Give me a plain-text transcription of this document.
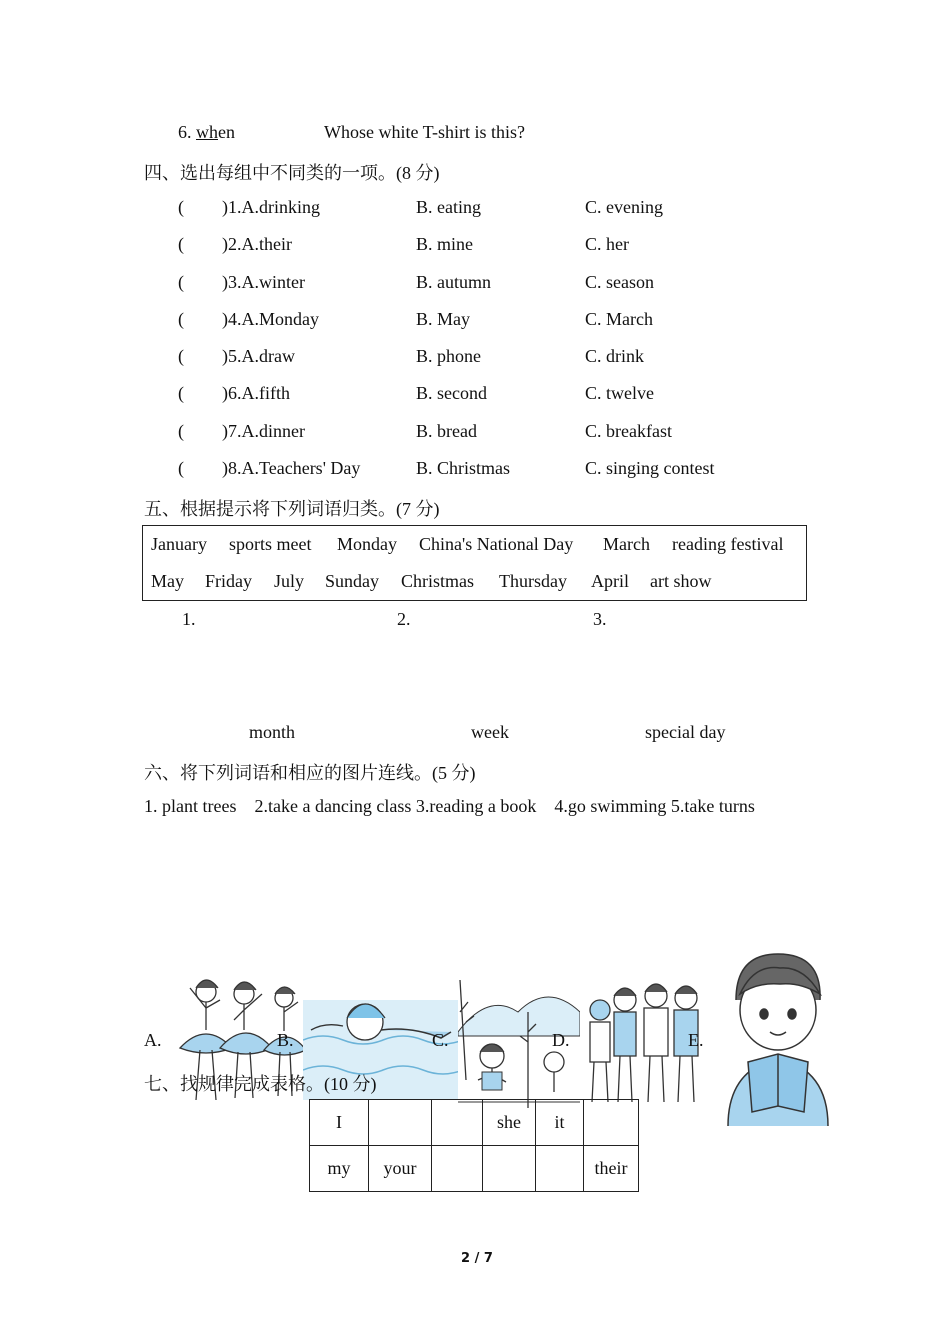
6. when	Whose white T-shirt is this?
四、选出每组中不同类的一项。(8 分)
( )1.A.drinking	B. eating	C. evening
( )2.A.their	B. mine	C. her
( )3.A.winter	B. autumn	C. season
( )4.A.Monday	B. May	C. March
( )5.A.draw	B. phone	C. drink
( )6.A.fifth	B. second	C. twelve
( )7.A.dinner	B. bread	C. breakfast
( )8.A.Teachers' Day	B. Christmas	C. singing contest
五、根据提示将下列词语归类。(7 分)
January sports meet Monday China's National Day March reading festival
May Friday July Sunday Christmas Thursday April art show
1.	2.	3.
month	week	special day
六、将下列词语和相应的图片连线。(5 分)
1. plant trees    2.take a dancing class 3.reading a book    4.go swimming 5.take turns
A.	B.	C.	D.	E.
七、找规律完成表格。(10 分)
I			she	it	
my	your				their
2 / 7
